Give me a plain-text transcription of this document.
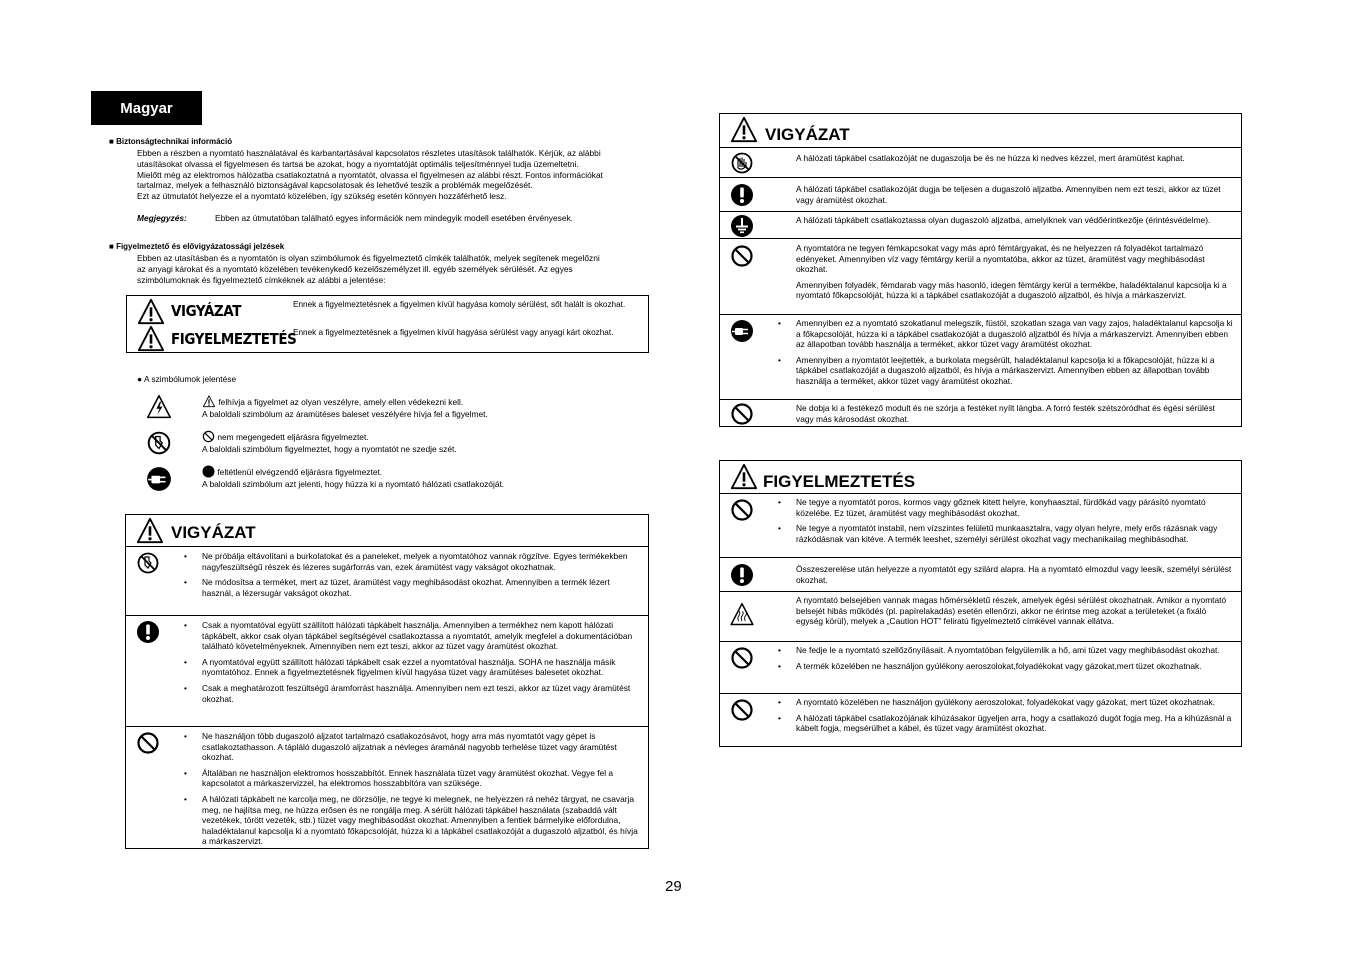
Magyar
■ Biztonságtechnikai információ
Ebben a részben a nyomtató használatával és karbantartásával kapcsolatos részletes utasítások találhatók. Kérjük, az alábbi
utasításokat olvassa el figyelmesen és tartsa be azokat, hogy a nyomtatóját optimális teljesítménnyel tudja üzemeltetni.
Mielőtt még az elektromos hálózatba csatlakoztatná a nyomtatót, olvassa el figyelmesen az alábbi részt. Fontos információkat
tartalmaz, melyek a felhasználó biztonságával kapcsolatosak és lehetővé teszik a problémák megelőzését.
Ezt az útmutatót helyezze el a nyomtató közelében, így szükség esetén könnyen hozzáférhető lesz.
Megjegyzés:	Ebben az útmutatóban található egyes információk nem mindegyik modell esetében érvényesek.
■ Figyelmeztető és elővigyázatossági jelzések
Ebben az utasításban és a nyomtatón is olyan szimbólumok és figyelmeztető címkék találhatók, melyek segítenek megelőzni
az anyagi károkat és a nyomtató közelében tevékenykedő kezelőszemélyzet ill. egyéb személyek sérülését. Az egyes
szimbólumoknak és figyelmeztető címkéknek az alábbi a jelentése:
VIGYÁZAT	Ennek a figyelmeztetésnek a figyelmen kívül hagyása komoly sérülést, sőt halált is okozhat.
FIGYELMEZTETÉS
Ennek a figyelmeztetésnek a figyelmen kívül hagyása sérülést vagy anyagi kárt okozhat.
● A szimbólumok jelentése
felhívja a figyelmet az olyan veszélyre, amely ellen védekezni kell.
A baloldali szimbólum az áramütéses baleset veszélyére hívja fel a figyelmet.
nem megengedett eljárásra figyelmeztet.
A baloldali szimbólum figyelmeztet, hogy a nyomtatót ne szedje szét.
feltétlenül elvégzendő eljárásra figyelmeztet.
A baloldali szimbólum azt jelenti, hogy húzza ki a nyomtató hálózati csatlakozóját.
VIGYÁZAT
• Ne próbálja eltávolítani a burkolatokat és a paneleket, melyek a nyomtatóhoz vannak rögzítve. Egyes termékekben nagyfeszültségű részek és lézeres sugárforrás van, ezek áramütést vagy vakságot okozhatnak.
• Ne módosítsa a terméket, mert az tüzet, áramütést vagy meghibásodást okozhat. Amennyiben a termék lézert használ, a lézersugár vakságot okozhat.
• Csak a nyomtatóval együtt szállított hálózati tápkábelt használja. Amennyiben a termékhez nem kapott hálózati tápkábelt, akkor csak olyan tápkábel segítségével csatlakoztassa a nyomtatót, amelyik megfelel a dokumentációban található követelményeknek. Amennyiben nem ezt teszi, akkor az tüzet vagy áramütést okozhat.
• A nyomtatóval együtt szállított hálózati tápkábelt csak ezzel a nyomtatóval használja. SOHA ne használja másik nyomtatóhoz. Ennek a figyelmeztetésnek figyelmen kívül hagyása tüzet vagy áramütéses balesetet okozhat.
• Csak a meghatározott feszültségű áramforrást használja. Amennyiben nem ezt teszi, akkor az tüzet vagy áramütést okozhat.
• Ne használjon több dugaszoló aljzatot tartalmazó csatlakozósávot, hogy arra más nyomtatót vagy gépet is csatlakoztathasson. A tápláló dugaszoló aljzatnak a névleges áramánál nagyobb terhelése tüzet vagy áramütést okozhat.
• Általában ne használjon elektromos hosszabbítót. Ennek használata tüzet vagy áramütést okozhat. Vegye fel a kapcsolatot a márkaszervizzel, ha elektromos hosszabbítóra van szüksége.
• A hálózati tápkábelt ne karcolja meg, ne dörzsölje, ne tegye ki melegnek, ne helyezzen rá nehéz tárgyat, ne csavarja meg, ne hajlítsa meg, ne húzza erősen és ne rongálja meg. A sérült hálózati tápkábel használata (szabaddá vált vezetékek, törött vezeték, stb.) tüzet vagy meghibásodást okozhat. Amennyiben a fentiek bármelyike előfordulna, haladéktalanul kapcsolja ki a nyomtató főkapcsolóját, húzza ki a tápkábel csatlakozóját a dugaszoló aljzatból, és hívja a márkaszervizt.
VIGYÁZAT
A hálózati tápkábel csatlakozóját ne dugaszolja be és ne húzza ki nedves kézzel, mert áramütést kaphat.
A hálózati tápkábel csatlakozóját dugja be teljesen a dugaszoló aljzatba. Amennyiben nem ezt teszi, akkor az tüzet vagy áramütést okozhat.
A hálózati tápkábelt csatlakoztassa olyan dugaszoló aljzatba, amelyiknek van védőérintkezője (érintésvédelme).
A nyomtatóra ne tegyen fémkapcsokat vagy más apró fémtárgyakat, és ne helyezzen rá folyadékot tartalmazó edényeket. Amennyiben víz vagy fémtárgy kerül a nyomtatóba, akkor az tüzet, áramütést vagy meghibásodást okozhat.
Amennyiben folyadék, fémdarab vagy más hasonló, idegen fémtárgy kerül a termékbe, haladéktalanul kapcsolja ki a nyomtató főkapcsolóját, húzza ki a tápkábel csatlakozóját a dugaszoló aljzatból, és hívja a márkaszervizt.
• Amennyiben ez a nyomtató szokatlanul melegszik, füstöl, szokatlan szaga van vagy zajos, haladéktalanul kapcsolja ki a főkapcsolóját, húzza ki a tápkábel csatlakozóját a dugaszoló aljzatból és hívja a márkaszervizt. Amennyiben ebben az állapotban tovább használja a terméket, akkor tüzet vagy áramütést okozhat.
• Amennyiben a nyomtatót leejtették, a burkolata megsérült, haladéktalanul kapcsolja ki a főkapcsolóját, húzza ki a tápkábel csatlakozóját a dugaszoló aljzatból, és hívja a márkaszervizt. Amennyiben ebben az állapotban tovább használja a terméket, akkor tüzet vagy áramütést okozhat.
Ne dobja ki a festékező modult és ne szórja a festéket nyílt lángba. A forró festék szétszóródhat és égési sérülést vagy más károsodást okozhat.
FIGYELMEZTETÉS
• Ne tegye a nyomtatót poros, kormos vagy gőznek kitett helyre, konyhaasztal, fürdőkád vagy párásító nyomtató közelébe. Ez tüzet, áramütést vagy meghibásodást okozhat.
• Ne tegye a nyomtatót instabil, nem vízszintes felületű munkaasztalra, vagy olyan helyre, mely erős rázásnak vagy rázkódásnak van kitéve. A termék leeshet, személyi sérülést okozhat vagy mechanikailag meghibásodhat.
Összeszerelése után helyezze a nyomtatót egy szilárd alapra. Ha a nyomtató elmozdul vagy leesik, személyi sérülést okozhat.
A nyomtató belsejében vannak magas hőmérsékletű részek, amelyek égési sérülést okozhatnak. Amikor a nyomtató belsejét hibás működés (pl. papírelakadás) esetén ellenőrzi, akkor ne érintse meg azokat a területeket (a fixáló egység körül), melyek a „Caution HOT” feliratú figyelmeztető címkével vannak ellátva.
• Ne fedje le a nyomtató szellőzőnyílásait. A nyomtatóban felgyülemlik a hő, ami tüzet vagy meghibásodást okozhat.
• A termék közelében ne használjon gyúlékony aeroszolokat,folyadékokat vagy gázokat,mert tüzet okozhatnak.
• A nyomtató közelében ne használjon gyúlékony aeroszolokat, folyadékokat vagy gázokat, mert tüzet okozhatnak.
• A hálózati tápkábel csatlakozójának kihúzásakor ügyeljen arra, hogy a csatlakozó dugót fogja meg. Ha a kihúzásnál a kábelt fogja, megsérülhet a kábel, és tüzet vagy áramütést okozhat.
29
